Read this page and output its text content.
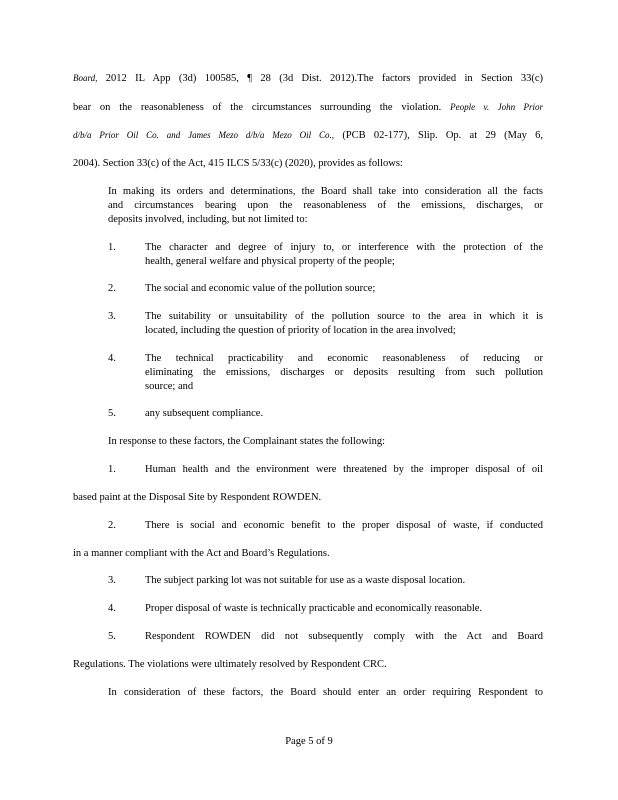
Board, 2012 IL App (3d) 100585, ¶ 28 (3d Dist. 2012).The factors provided in Section 33(c)
bear on the reasonableness of the circumstances surrounding the violation. People v. John Prior
d/b/a Prior Oil Co. and James Mezo d/b/a Mezo Oil Co., (PCB 02-177), Slip. Op. at 29 (May 6,
2004). Section 33(c) of the Act, 415 ILCS 5/33(c) (2020), provides as follows:
In making its orders and determinations, the Board shall take into consideration all the facts
and circumstances bearing upon the reasonableness of the emissions, discharges, or
deposits involved, including, but not limited to:
1.	The character and degree of injury to, or interference with the protection of the
health, general welfare and physical property of the people;
2.	The social and economic value of the pollution source;
3.	The suitability or unsuitability of the pollution source to the area in which it is
located, including the question of priority of location in the area involved;
4.	The technical practicability and economic reasonableness of reducing or
eliminating the emissions, discharges or deposits resulting from such pollution
source; and
5.	any subsequent compliance.
In response to these factors, the Complainant states the following:
1.	Human health and the environment were threatened by the improper disposal of oil
based paint at the Disposal Site by Respondent ROWDEN.
2.	There is social and economic benefit to the proper disposal of waste, if conducted
in a manner compliant with the Act and Board’s Regulations.
3.	The subject parking lot was not suitable for use as a waste disposal location.
4.	Proper disposal of waste is technically practicable and economically reasonable.
5.	Respondent ROWDEN did not subsequently comply with the Act and Board
Regulations. The violations were ultimately resolved by Respondent CRC.
In consideration of these factors, the Board should enter an order requiring Respondent to
Page 5 of 9
